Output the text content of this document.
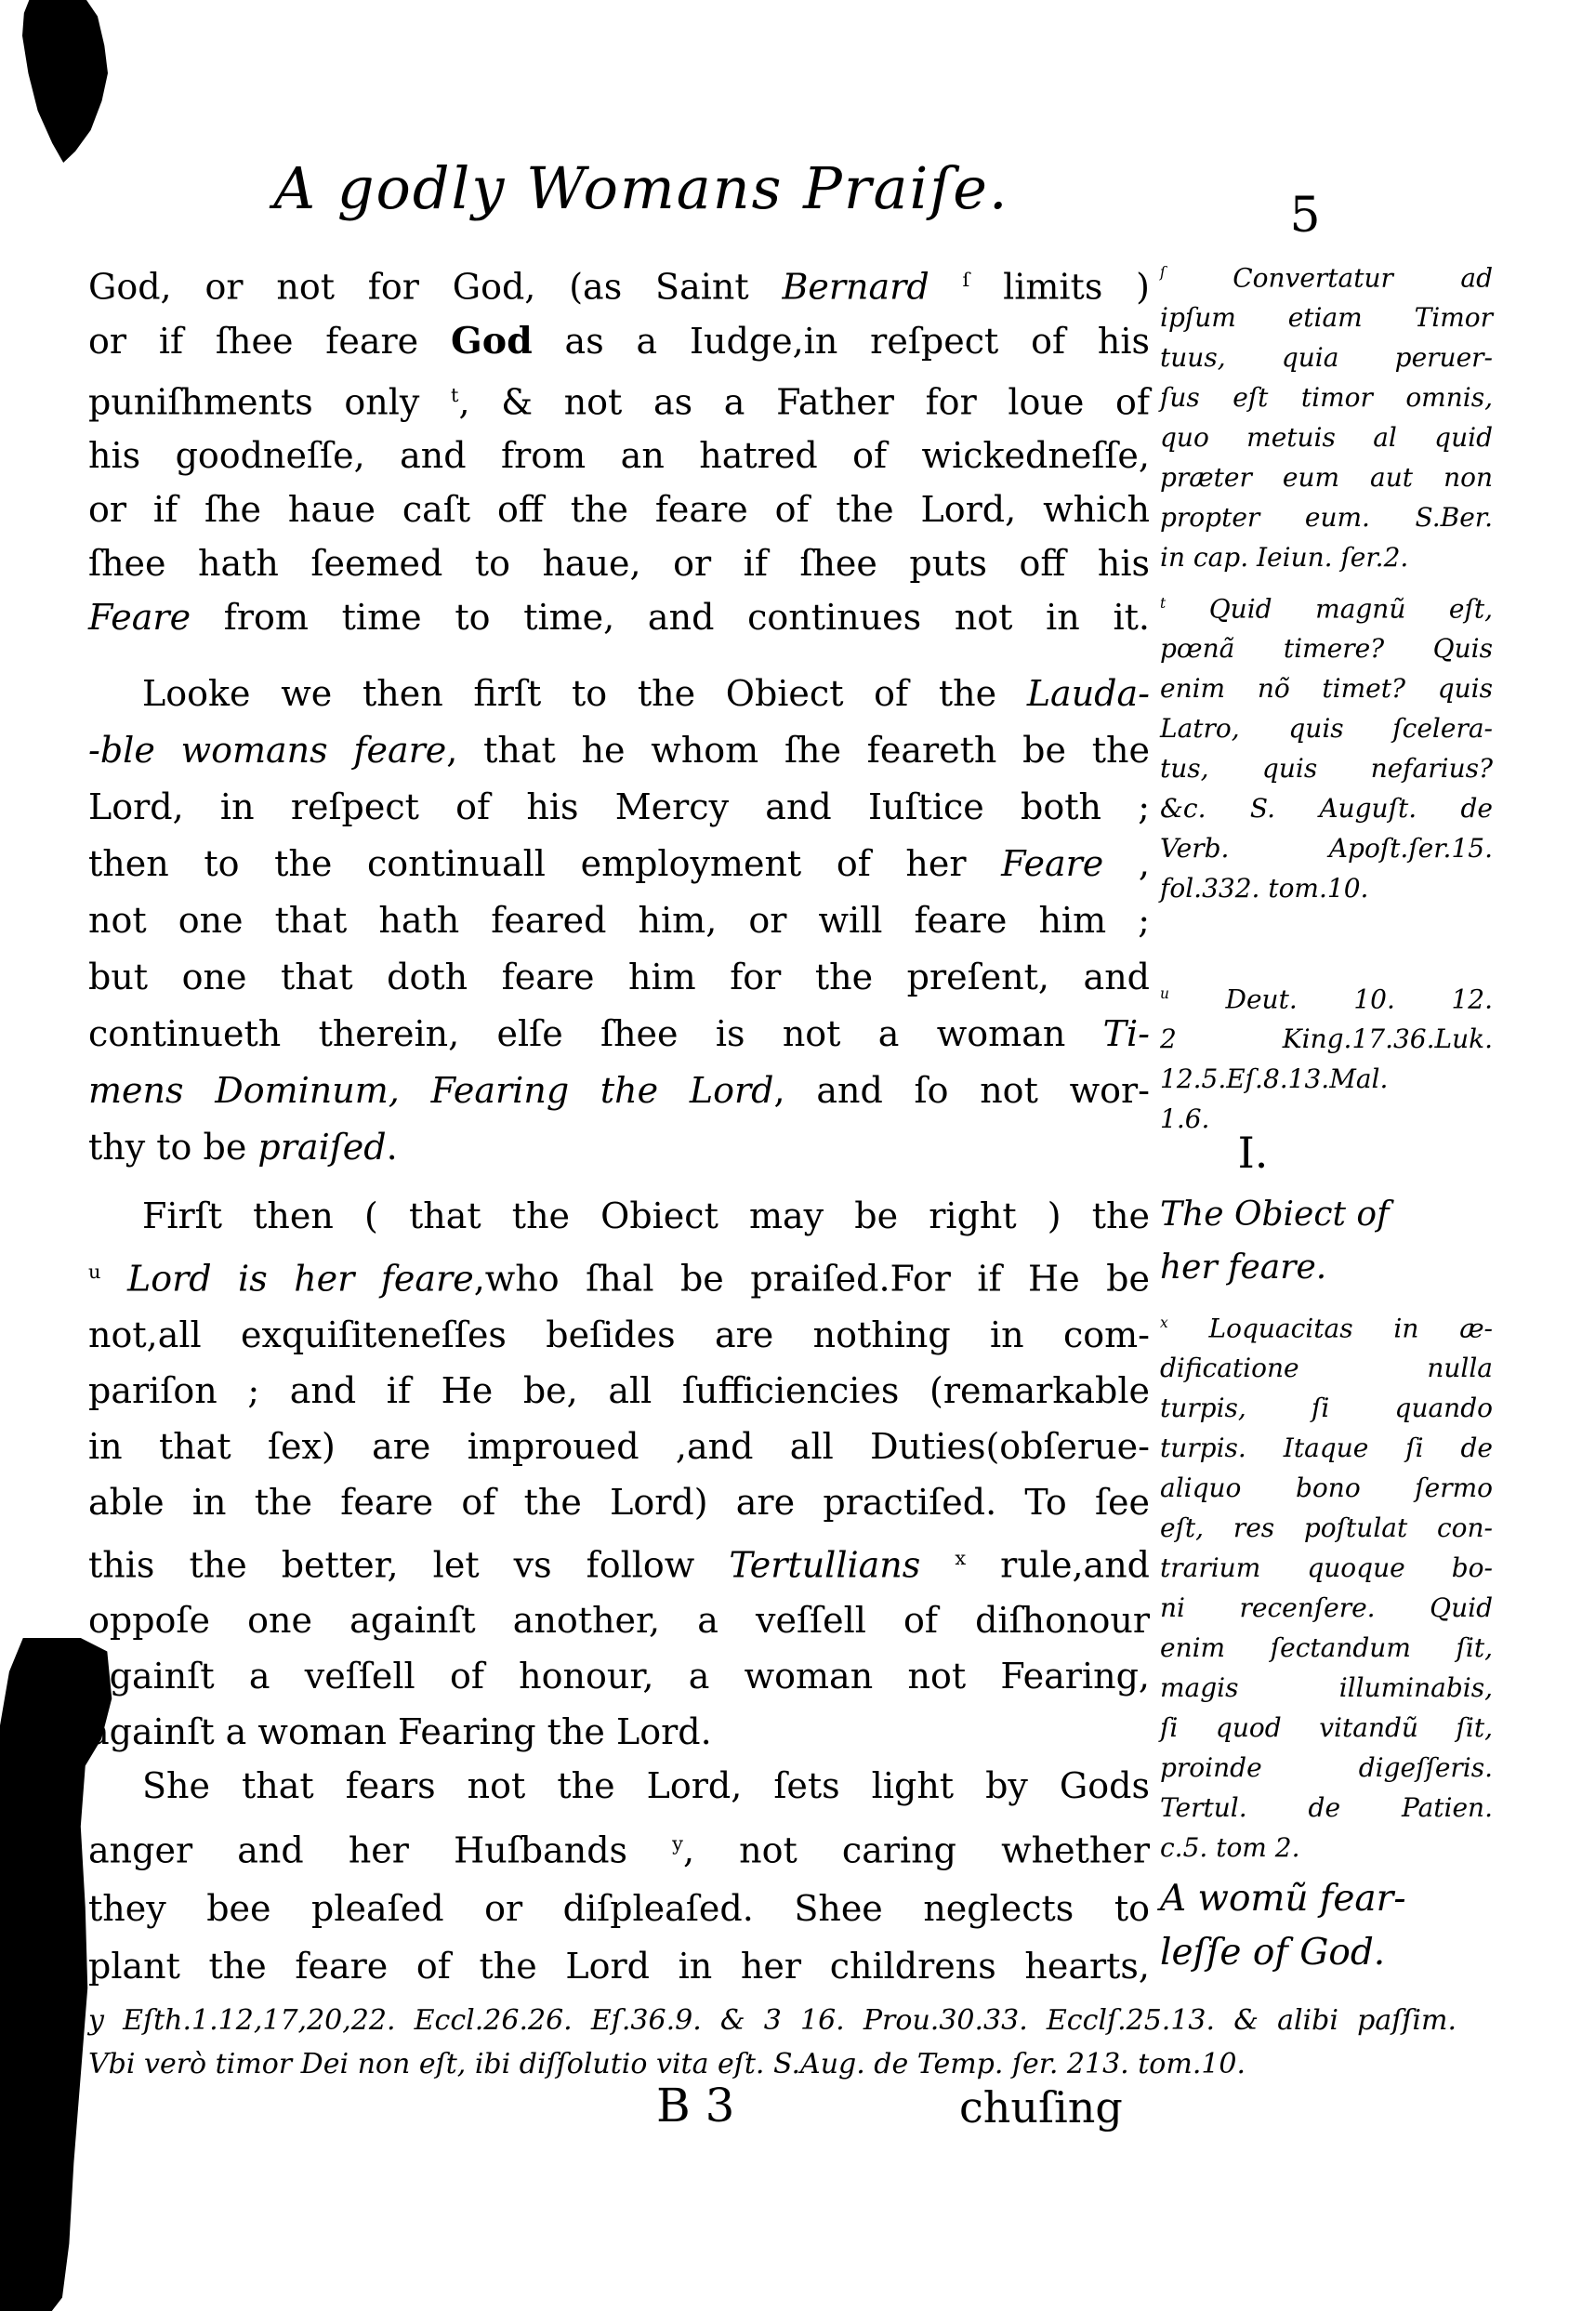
A godly Womans Praiſe.	5
God, or not for God, (as Saint Bernard $^ſ$ limits )
or if ſhee feare God as a Iudge,in reſpect of his
puniſhments only $^t$, & not as a Father for loue of
his goodneſſe, and from an hatred of wickedneſſe,
or if ſhe haue caſt off the feare of the Lord, which
ſhee hath ſeemed to haue, or if ſhee puts off his
Feare from time to time, and continues not in it.
Looke we then firſt to the Obiect of the Lauda-
-ble womans feare, that he whom ſhe feareth be the
Lord, in reſpect of his Mercy and Iuſtice both ;
then to the continuall employment of her Feare ,
not one that hath feared him, or will feare him ;
but one that doth feare him for the preſent, and
continueth therein, elſe ſhee is not a woman Ti-
mens Dominum, Fearing the Lord, and ſo not wor-
thy to be praiſed.
Firſt then ( that the Obiect may be right ) the
$^u$ Lord is her feare,who ſhal be praiſed.For if He be
not,all exquiſiteneſſes beſides are nothing in com-
pariſon ; and if He be, all ſufficiencies (remarkable
in that ſex) are improued ,and all Duties(obſerue-
able in the feare of the Lord) are practiſed. To ſee
this the better, let vs follow Tertullians $^x$ rule,and
oppoſe one againſt another, a veſſell of diſhonour
againſt a veſſell of honour, a woman not Fearing,
againſt a woman Fearing the Lord.
She that fears not the Lord, ſets light by Gods
anger and her Huſbands $^y$, not caring whether
they bee pleaſed or diſpleaſed. Shee neglects to
plant the feare of the Lord in her childrens hearts,
$^ſ$ Convertatur ad
ipſum etiam Timor
tuus, quia peruer-
ſus eſt timor omnis,
quo metuis al quid
præter eum aut non
propter eum. S.Ber.
in cap. Ieiun. ſer.2.
$^t$ Quid magnũ eſt,
pœnã timere? Quis
enim nõ timet? quis
Latro, quis ſcelera-
tus, quis nefarius?
&c. S. Auguſt. de
Verb. Apoſt.ſer.15.
fol.332. tom.10.
$^u$ Deut. 10. 12.
2 King.17.36.Luk.
12.5.Eſ.8.13.Mal.
1.6.
I.
The Obiect of
her feare.
$^x$ Loquacitas in æ-
dificatione nulla
turpis, ſi quando
turpis. Itaque ſi de
aliquo bono ſermo
eſt, res poſtulat con-
trarium quoque bo-
ni recenſere. Quid
enim ſectandum ſit,
magis illuminabis,
ſi quod vitandũ ſit,
proinde digeſſeris.
Tertul. de Patien.
c.5. tom 2.
A womũ fear-
leſſe of God.
y Eſth.1.12,17,20,22. Eccl.26.26. Eſ.36.9. & 3 16. Prou.30.33. Ecclſ.25.13. & alibi paſſim.
Vbi verò timor Dei non eſt, ibi diſſolutio vita eſt. S.Aug. de Temp. ſer. 213. tom.10.
B 3	chuſing
